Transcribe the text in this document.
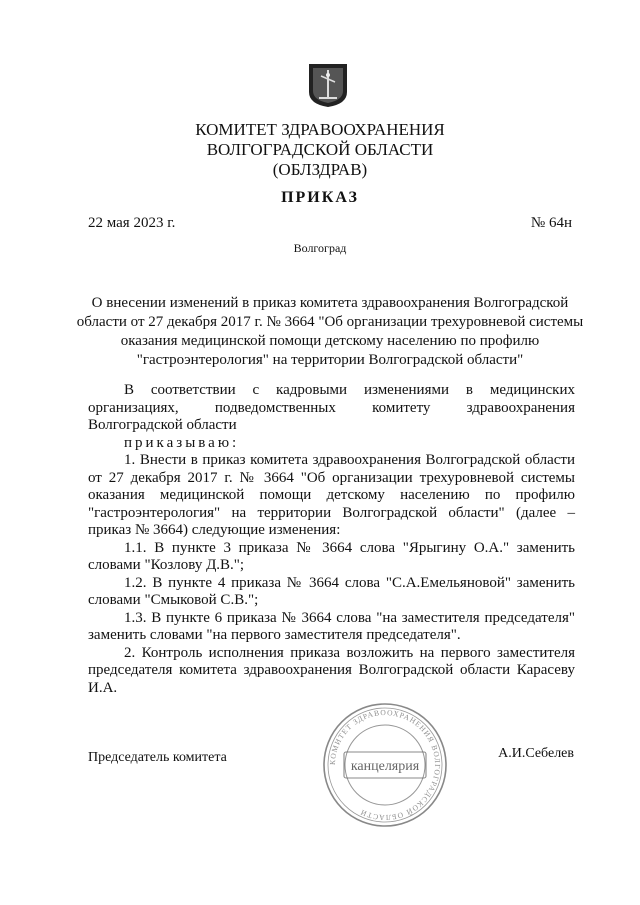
КОМИТЕТ ЗДРАВООХРАНЕНИЯ
ВОЛГОГРАДСКОЙ ОБЛАСТИ
(ОБЛЗДРАВ)
ПРИКАЗ
22 мая 2023 г.	№ 64н
Волгоград
О внесении изменений в приказ комитета здравоохранения Волгоградской области от 27 декабря 2017 г. № 3664 "Об организации трехуровневой системы оказания медицинской помощи детскому населению по профилю "гастроэнтерология" на территории Волгоградской области"

В соответствии с кадровыми изменениями в медицинских организациях, подведомственных комитету здравоохранения Волгоградской области

приказываю:

1. Внести в приказ комитета здравоохранения Волгоградской области от 27 декабря 2017 г. № 3664 "Об организации трехуровневой системы оказания медицинской помощи детскому населению по профилю "гастроэнтерология" на территории Волгоградской области" (далее – приказ № 3664) следующие изменения:

1.1. В пункте 3 приказа № 3664 слова "Ярыгину О.А." заменить словами "Козлову Д.В.";

1.2. В пункте 4 приказа № 3664 слова "С.А.Емельяновой" заменить словами "Смыковой С.В.";

1.3. В пункте 6 приказа № 3664 слова "на заместителя председателя" заменить словами "на первого заместителя председателя".

2. Контроль исполнения приказа возложить на первого заместителя председателя комитета здравоохранения Волгоградской области Карасеву И.А.

Председатель комитета	А.И.Себелев
КОМИТЕТ ЗДРАВООХРАНЕНИЯ ВОЛГОГРАДСКОЙ ОБЛАСТИ
канцелярия
